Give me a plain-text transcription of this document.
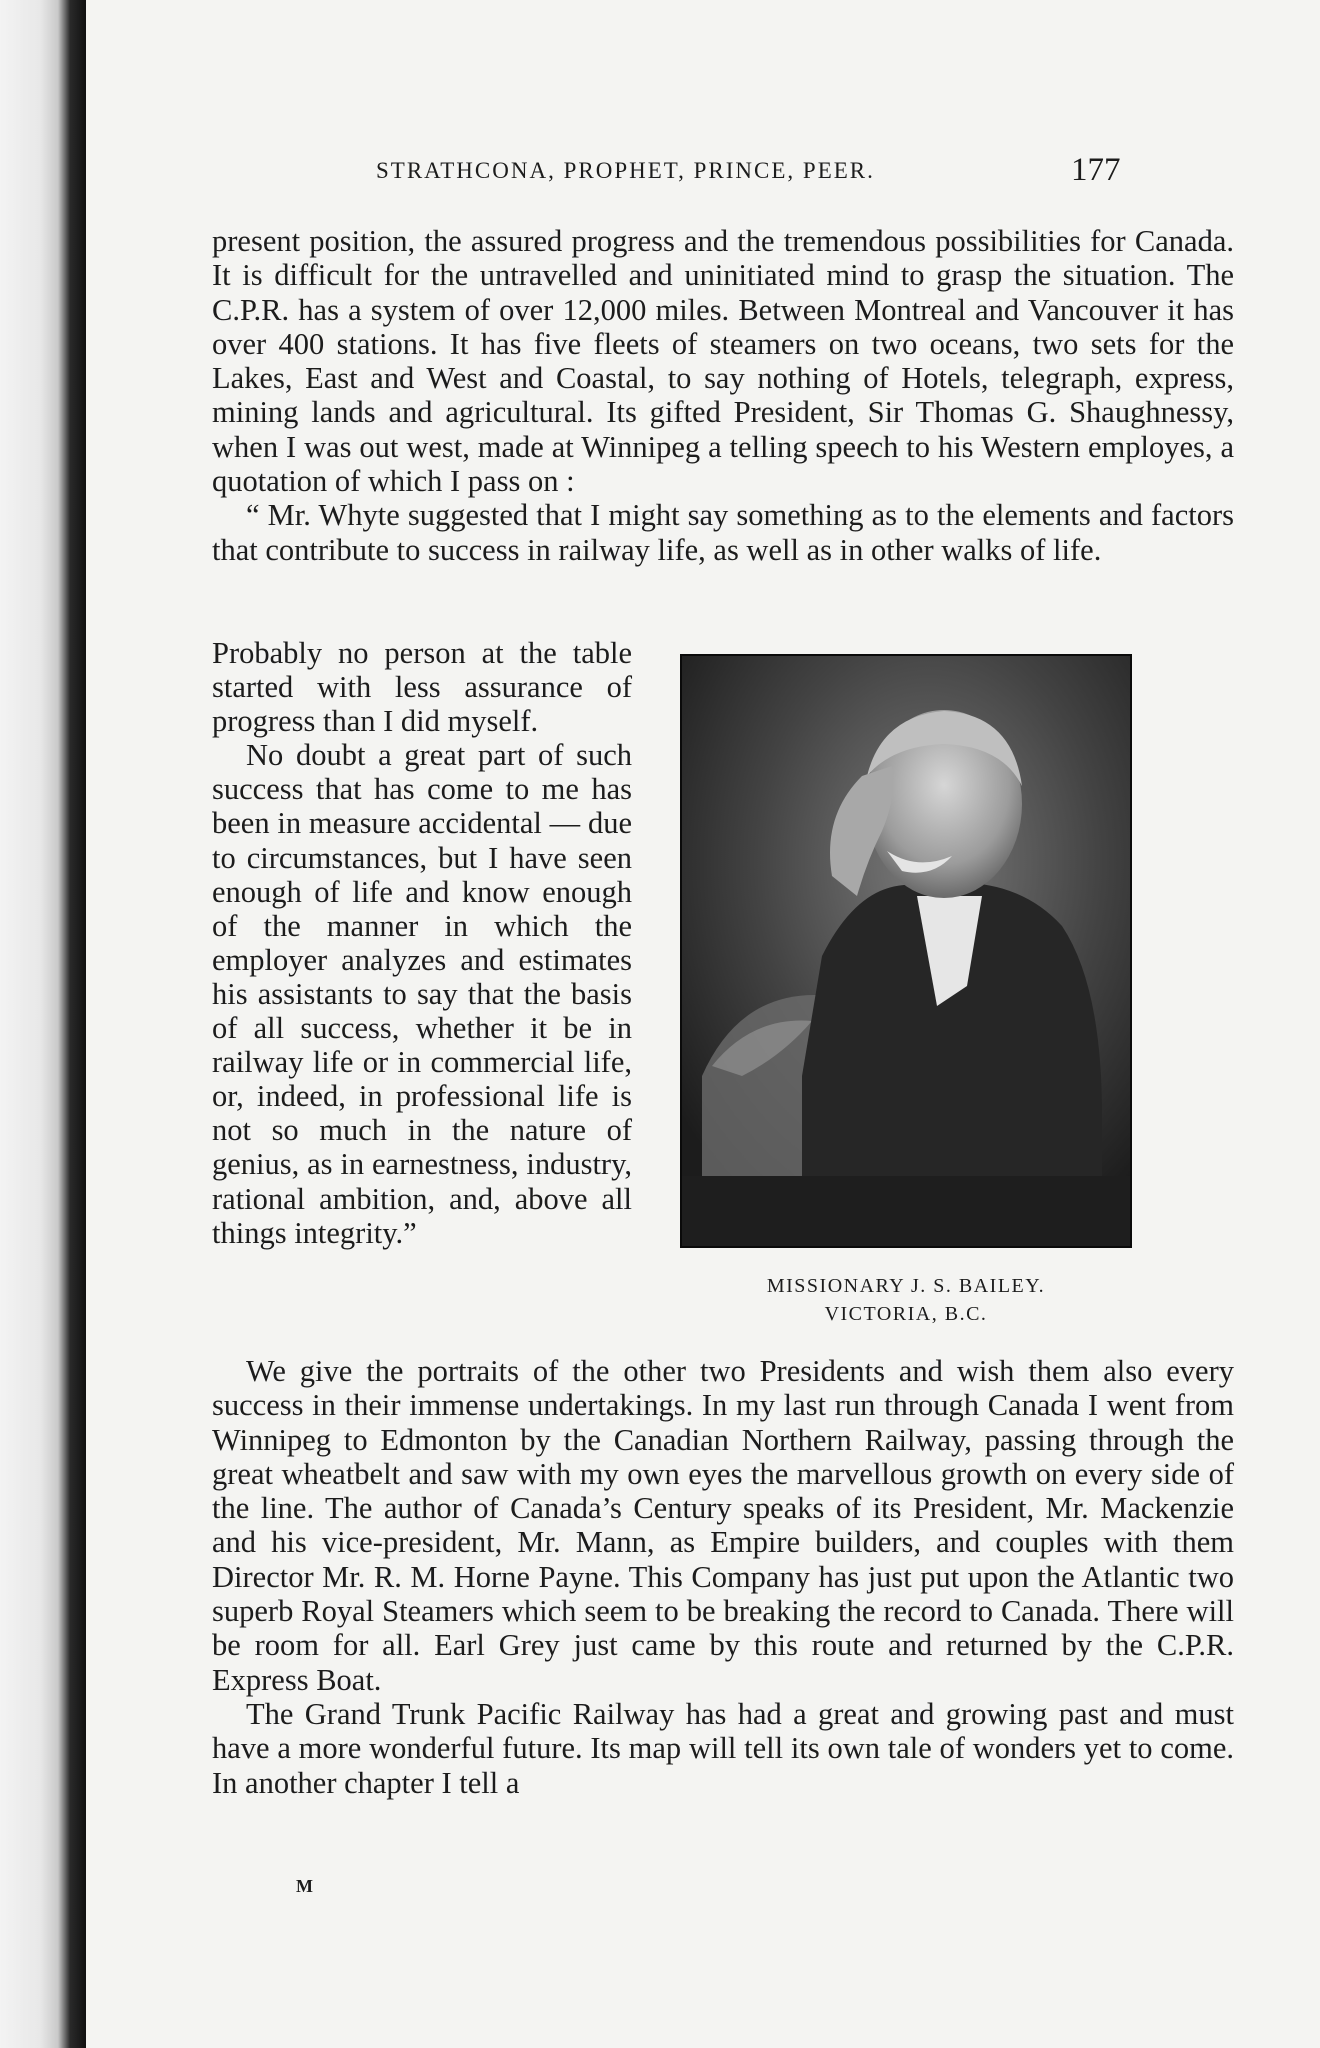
STRATHCONA, PROPHET, PRINCE, PEER.	177

present position, the assured progress and the tremendous possibilities for Canada. It is difficult for the untravelled and uninitiated mind to grasp the situation. The C.P.R. has a system of over 12,000 miles. Between Montreal and Vancouver it has over 400 stations. It has five fleets of steamers on two oceans, two sets for the Lakes, East and West and Coastal, to say nothing of Hotels, telegraph, express, mining lands and agricultural. Its gifted President, Sir Thomas G. Shaughnessy, when I was out west, made at Winnipeg a telling speech to his Western employes, a quotation of which I pass on :

“ Mr. Whyte suggested that I might say something as to the elements and factors that contribute to success in railway life, as well as in other walks of life.

Probably no person at the table started with less assurance of progress than I did myself.

No doubt a great part of such success that has come to me has been in measure accidental — due to circumstances, but I have seen enough of life and know enough of the manner in which the employer analyzes and estimates his assistants to say that the basis of all success, whether it be in railway life or in commercial life, or, indeed, in professional life is not so much in the nature of genius, as in earnestness, industry, rational ambition, and, above all things integrity.”

MISSIONARY J. S. BAILEY.
VICTORIA, B.C.

We give the portraits of the other two Presidents and wish them also every success in their immense undertakings. In my last run through Canada I went from Winnipeg to Edmonton by the Canadian Northern Railway, passing through the great wheatbelt and saw with my own eyes the marvellous growth on every side of the line. The author of Canada’s Century speaks of its President, Mr. Mackenzie and his vice-president, Mr. Mann, as Empire builders, and couples with them Director Mr. R. M. Horne Payne. This Company has just put upon the Atlantic two superb Royal Steamers which seem to be breaking the record to Canada. There will be room for all. Earl Grey just came by this route and returned by the C.P.R. Express Boat.

The Grand Trunk Pacific Railway has had a great and growing past and must have a more wonderful future. Its map will tell its own tale of wonders yet to come. In another chapter I tell a

M
